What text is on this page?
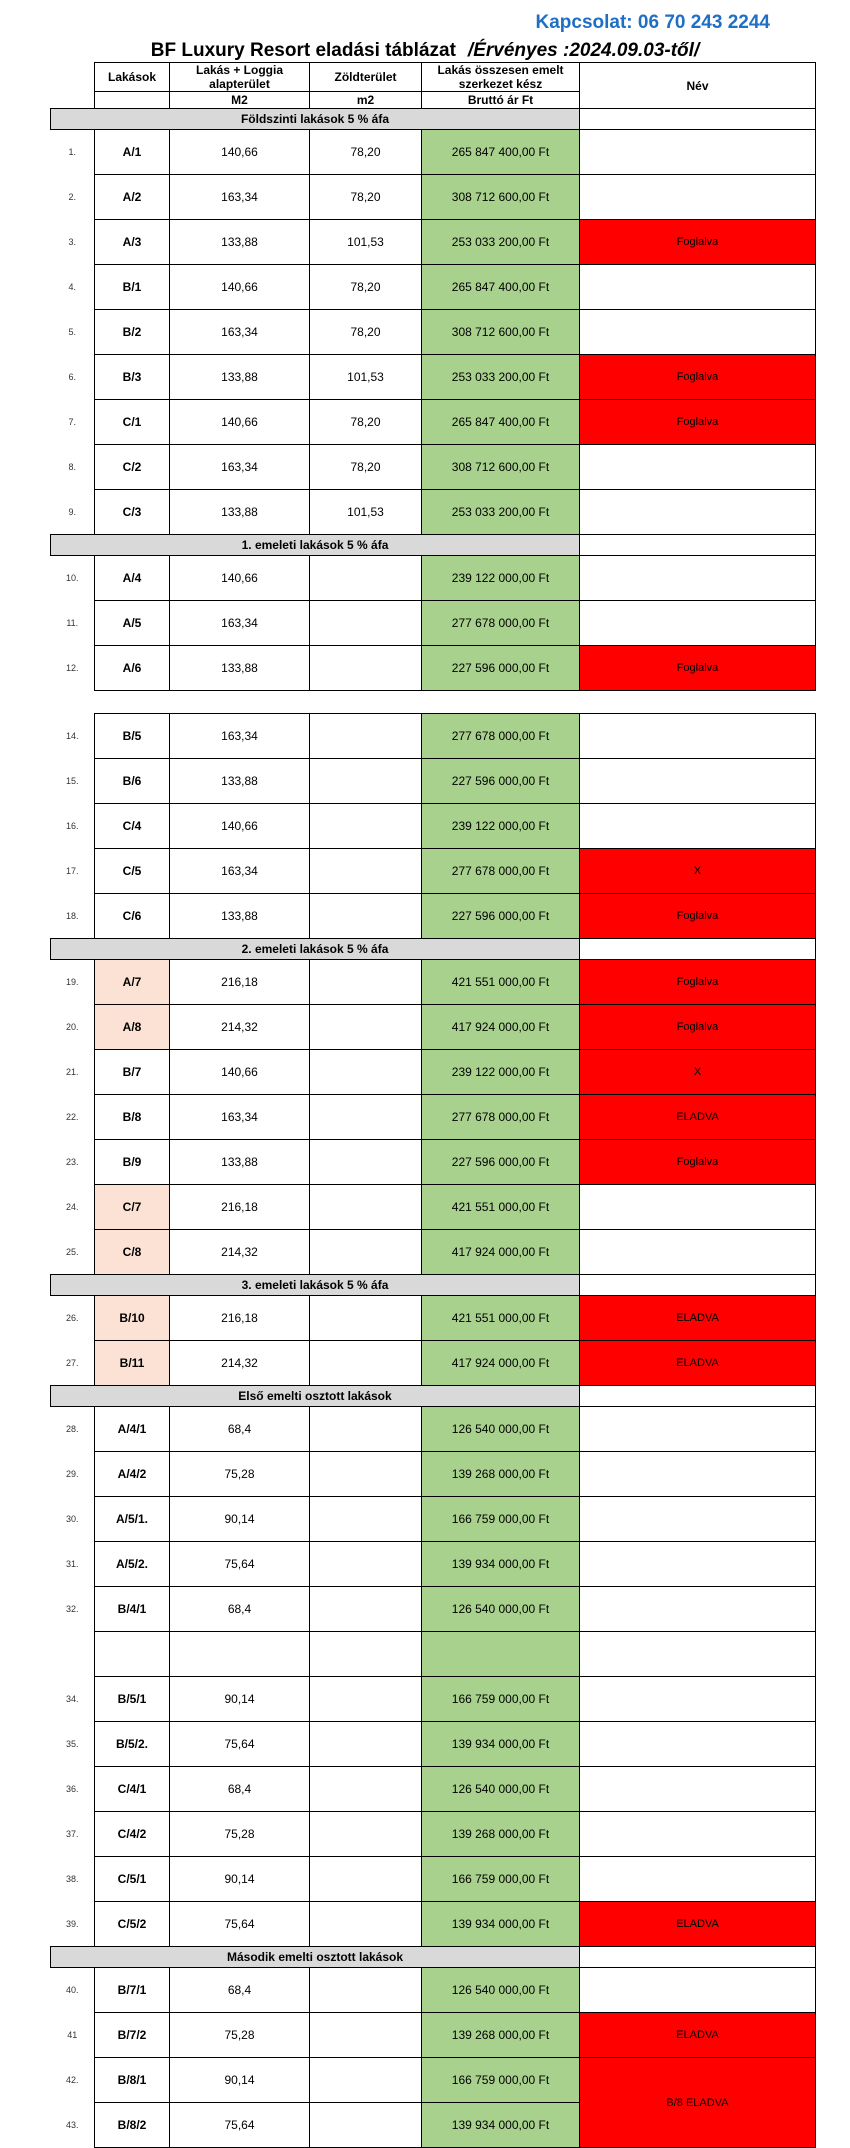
Kapcsolat: 06 70 243 2244
BF Luxury Resort eladási táblázat /Érvényes :2024.09.03-től/
	Lakások	Lakás + Loggia alapterület	Zöldterület	Lakás összesen emelt szerkezet kész	Név
		M2	m2	Bruttó ár Ft	
Földszinti lakások 5 % áfa					
1.	A/1	140,66	78,20	265 847 400,00 Ft	
2.	A/2	163,34	78,20	308 712 600,00 Ft	
3.	A/3	133,88	101,53	253 033 200,00 Ft	Foglalva
4.	B/1	140,66	78,20	265 847 400,00 Ft	
5.	B/2	163,34	78,20	308 712 600,00 Ft	
6.	B/3	133,88	101,53	253 033 200,00 Ft	Foglalva
7.	C/1	140,66	78,20	265 847 400,00 Ft	Foglalva
8.	C/2	163,34	78,20	308 712 600,00 Ft	
9.	C/3	133,88	101,53	253 033 200,00 Ft	
1. emeleti lakások 5 % áfa					
10.	A/4	140,66		239 122 000,00 Ft	
11.	A/5	163,34		277 678 000,00 Ft	
12.	A/6	133,88		227 596 000,00 Ft	Foglalva

14.	B/5	163,34		277 678 000,00 Ft	
15.	B/6	133,88		227 596 000,00 Ft	
16.	C/4	140,66		239 122 000,00 Ft	
17.	C/5	163,34		277 678 000,00 Ft	X
18.	C/6	133,88		227 596 000,00 Ft	Foglalva
2. emeleti lakások 5 % áfa					
19.	A/7	216,18		421 551 000,00 Ft	Foglalva
20.	A/8	214,32		417 924 000,00 Ft	Foglalva
21.	B/7	140,66		239 122 000,00 Ft	X
22.	B/8	163,34		277 678 000,00 Ft	ELADVA
23.	B/9	133,88		227 596 000,00 Ft	Foglalva
24.	C/7	216,18		421 551 000,00 Ft	
25.	C/8	214,32		417 924 000,00 Ft	
3. emeleti lakások 5 % áfa					
26.	B/10	216,18		421 551 000,00 Ft	ELADVA
27.	B/11	214,32		417 924 000,00 Ft	ELADVA
Első emelti osztott lakások					
28.	A/4/1	68,4		126 540 000,00 Ft	
29.	A/4/2	75,28		139 268 000,00 Ft	
30.	A/5/1.	90,14		166 759 000,00 Ft	
31.	A/5/2.	75,64		139 934 000,00 Ft	
32.	B/4/1	68,4		126 540 000,00 Ft	

34.	B/5/1	90,14		166 759 000,00 Ft	
35.	B/5/2.	75,64		139 934 000,00 Ft	
36.	C/4/1	68,4		126 540 000,00 Ft	
37.	C/4/2	75,28		139 268 000,00 Ft	
38.	C/5/1	90,14		166 759 000,00 Ft	
39.	C/5/2	75,64		139 934 000,00 Ft	ELADVA
Második emelti osztott lakások					
40.	B/7/1	68,4		126 540 000,00 Ft	
41	B/7/2	75,28		139 268 000,00 Ft	ELADVA
42.	B/8/1	90,14		166 759 000,00 Ft	B/8 ELADVA
43.	B/8/2	75,64		139 934 000,00 Ft	
